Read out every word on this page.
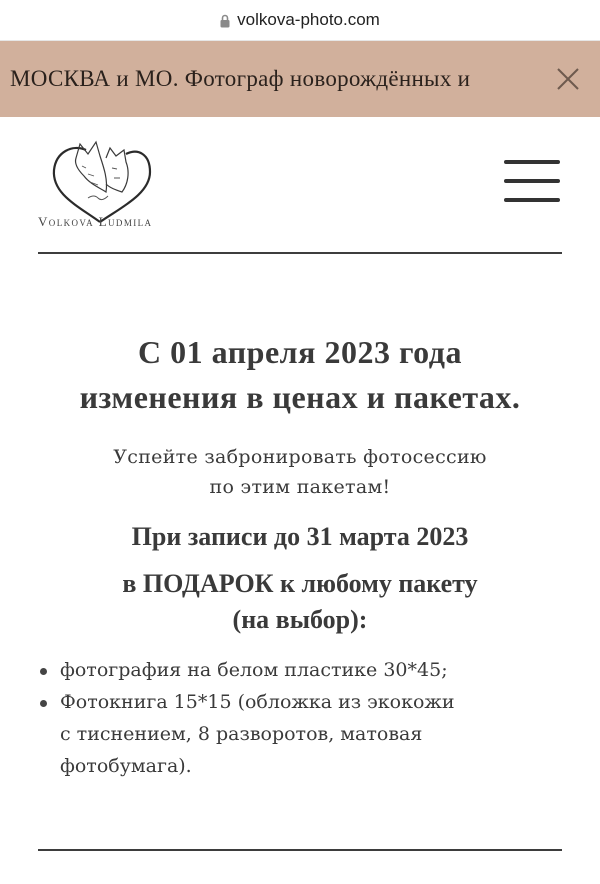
volkova-photo.com
МОСКВА и МО. Фотограф новорождённых и
Volkova Ludmila
С 01 апреля 2023 года
изменения в ценах и пакетах.
Успейте забронировать фотосессию
по этим пакетам!
При записи до 31 марта 2023
в ПОДАРОК к любому пакету
(на выбор):
фотография на белом пластике 30*45;
Фотокнига 15*15 (обложка из экокожи
с тиснением, 8 разворотов, матовая
фотобумага).
